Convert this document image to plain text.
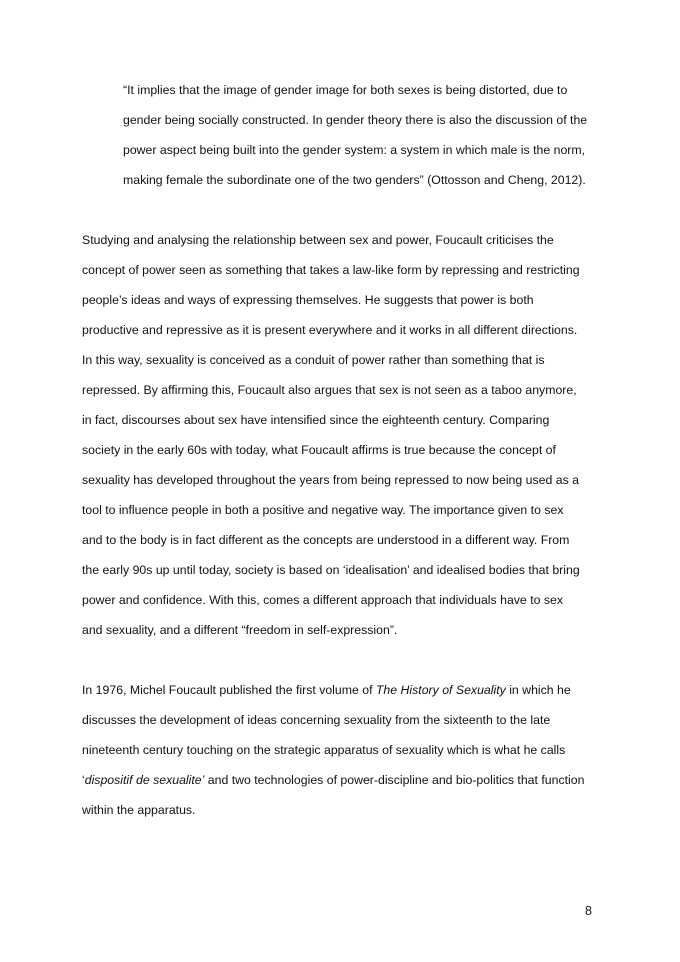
“It implies that the image of gender image for both sexes is being distorted, due to
gender being socially constructed. In gender theory there is also the discussion of the
power aspect being built into the gender system: a system in which male is the norm,
making female the subordinate one of the two genders” (Ottosson and Cheng, 2012).
Studying and analysing the relationship between sex and power, Foucault criticises the
concept of power seen as something that takes a law-like form by repressing and restricting
people’s ideas and ways of expressing themselves. He suggests that power is both
productive and repressive as it is present everywhere and it works in all different directions.
In this way, sexuality is conceived as a conduit of power rather than something that is
repressed. By affirming this, Foucault also argues that sex is not seen as a taboo anymore,
in fact, discourses about sex have intensified since the eighteenth century. Comparing
society in the early 60s with today, what Foucault affirms is true because the concept of
sexuality has developed throughout the years from being repressed to now being used as a
tool to influence people in both a positive and negative way. The importance given to sex
and to the body is in fact different as the concepts are understood in a different way. From
the early 90s up until today, society is based on ‘idealisation’ and idealised bodies that bring
power and confidence. With this, comes a different approach that individuals have to sex
and sexuality, and a different “freedom in self-expression”.
In 1976, Michel Foucault published the first volume of The History of Sexuality in which he
discusses the development of ideas concerning sexuality from the sixteenth to the late
nineteenth century touching on the strategic apparatus of sexuality which is what he calls
‘dispositif de sexualite’ and two technologies of power-discipline and bio-politics that function
within the apparatus.
8
